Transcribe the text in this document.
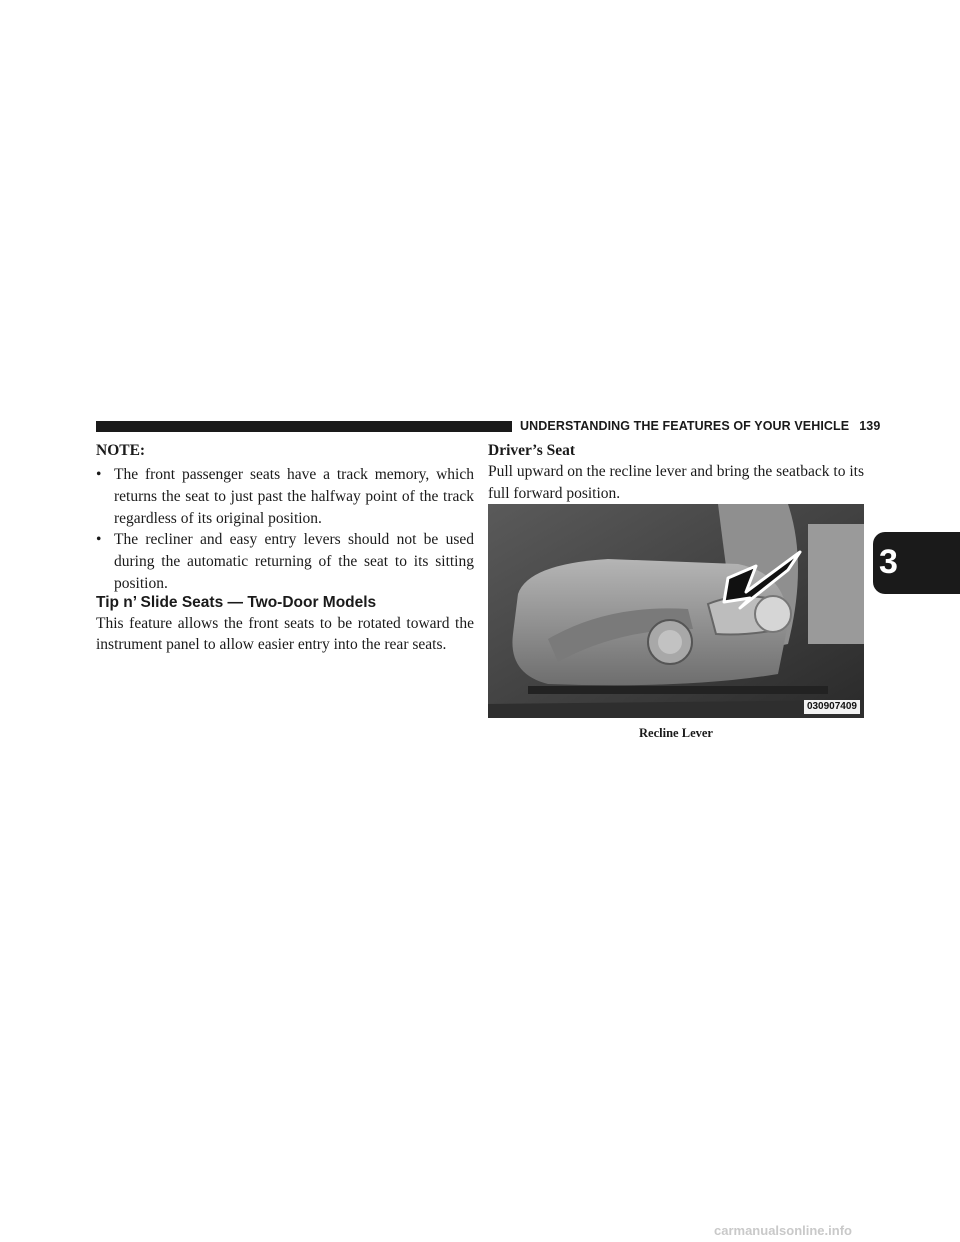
UNDERSTANDING THE FEATURES OF YOUR VEHICLE 139
3
NOTE:
• The front passenger seats have a track memory, which returns the seat to just past the halfway point of the track regardless of its original position.
• The recliner and easy entry levers should not be used during the automatic returning of the seat to its sitting position.
Tip n’ Slide Seats — Two-Door Models
This feature allows the front seats to be rotated toward the instrument panel to allow easier entry into the rear seats.
Driver’s Seat
Pull upward on the recline lever and bring the seatback to its full forward position.
030907409
Recline Lever
carmanualsonline.info
